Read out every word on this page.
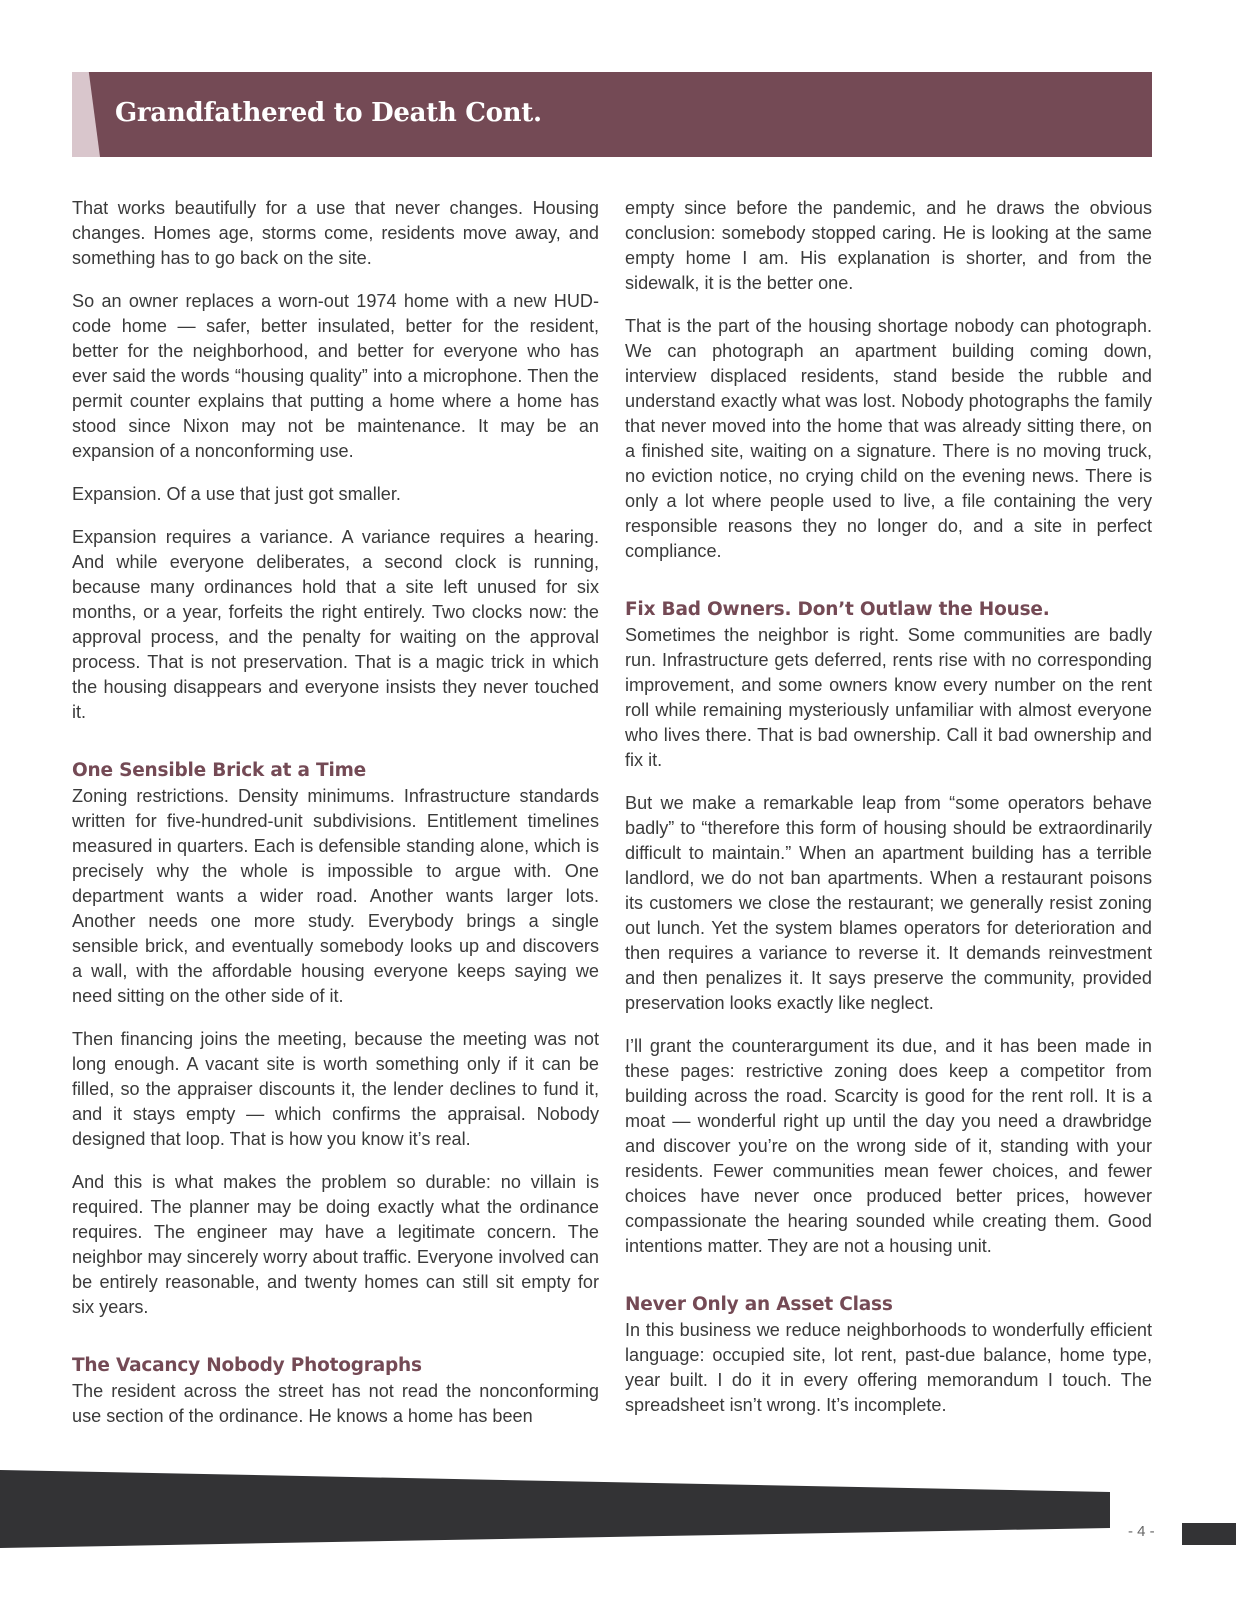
Grandfathered to Death Cont.

That works beautifully for a use that never changes. Housing changes. Homes age, storms come, residents move away, and something has to go back on the site.

So an owner replaces a worn-out 1974 home with a new HUD-code home — safer, better insulated, better for the resident, better for the neighborhood, and better for everyone who has ever said the words “housing quality” into a microphone. Then the permit counter explains that putting a home where a home has stood since Nixon may not be maintenance. It may be an expansion of a nonconforming use.

Expansion. Of a use that just got smaller.

Expansion requires a variance. A variance requires a hearing. And while everyone deliberates, a second clock is running, because many ordinances hold that a site left unused for six months, or a year, forfeits the right entirely. Two clocks now: the approval process, and the penalty for waiting on the approval process. That is not preservation. That is a magic trick in which the housing disappears and everyone insists they never touched it.

One Sensible Brick at a Time

Zoning restrictions. Density minimums. Infrastructure standards written for five-hundred-unit subdivisions. Entitlement timelines measured in quarters. Each is defensible standing alone, which is precisely why the whole is impossible to argue with. One department wants a wider road. Another wants larger lots. Another needs one more study. Everybody brings a single sensible brick, and eventually somebody looks up and discovers a wall, with the affordable housing everyone keeps saying we need sitting on the other side of it.

Then financing joins the meeting, because the meeting was not long enough. A vacant site is worth something only if it can be filled, so the appraiser discounts it, the lender declines to fund it, and it stays empty — which confirms the appraisal. Nobody designed that loop. That is how you know it’s real.

And this is what makes the problem so durable: no villain is required. The planner may be doing exactly what the ordinance requires. The engineer may have a legitimate concern. The neighbor may sincerely worry about traffic. Everyone involved can be entirely reasonable, and twenty homes can still sit empty for six years.

The Vacancy Nobody Photographs

The resident across the street has not read the nonconforming use section of the ordinance. He knows a home has been

empty since before the pandemic, and he draws the obvious conclusion: somebody stopped caring. He is looking at the same empty home I am. His explanation is shorter, and from the sidewalk, it is the better one.

That is the part of the housing shortage nobody can photograph. We can photograph an apartment building coming down, interview displaced residents, stand beside the rubble and understand exactly what was lost. Nobody photographs the family that never moved into the home that was already sitting there, on a finished site, waiting on a signature. There is no moving truck, no eviction notice, no crying child on the evening news. There is only a lot where people used to live, a file containing the very responsible reasons they no longer do, and a site in perfect compliance.

Fix Bad Owners. Don’t Outlaw the House.

Sometimes the neighbor is right. Some communities are badly run. Infrastructure gets deferred, rents rise with no corresponding improvement, and some owners know every number on the rent roll while remaining mysteriously unfamiliar with almost everyone who lives there. That is bad ownership. Call it bad ownership and fix it.

But we make a remarkable leap from “some operators behave badly” to “therefore this form of housing should be extraordinarily difficult to maintain.” When an apartment building has a terrible landlord, we do not ban apartments. When a restaurant poisons its customers we close the restaurant; we generally resist zoning out lunch. Yet the system blames operators for deterioration and then requires a variance to reverse it. It demands reinvestment and then penalizes it. It says preserve the community, provided preservation looks exactly like neglect.

I’ll grant the counterargument its due, and it has been made in these pages: restrictive zoning does keep a competitor from building across the road. Scarcity is good for the rent roll. It is a moat — wonderful right up until the day you need a drawbridge and discover you’re on the wrong side of it, standing with your residents. Fewer communities mean fewer choices, and fewer choices have never once produced better prices, however compassionate the hearing sounded while creating them. Good intentions matter. They are not a housing unit.

Never Only an Asset Class

In this business we reduce neighborhoods to wonderfully efficient language: occupied site, lot rent, past-due balance, home type, year built. I do it in every offering memorandum I touch. The spreadsheet isn’t wrong. It’s incomplete.

- 4 -
